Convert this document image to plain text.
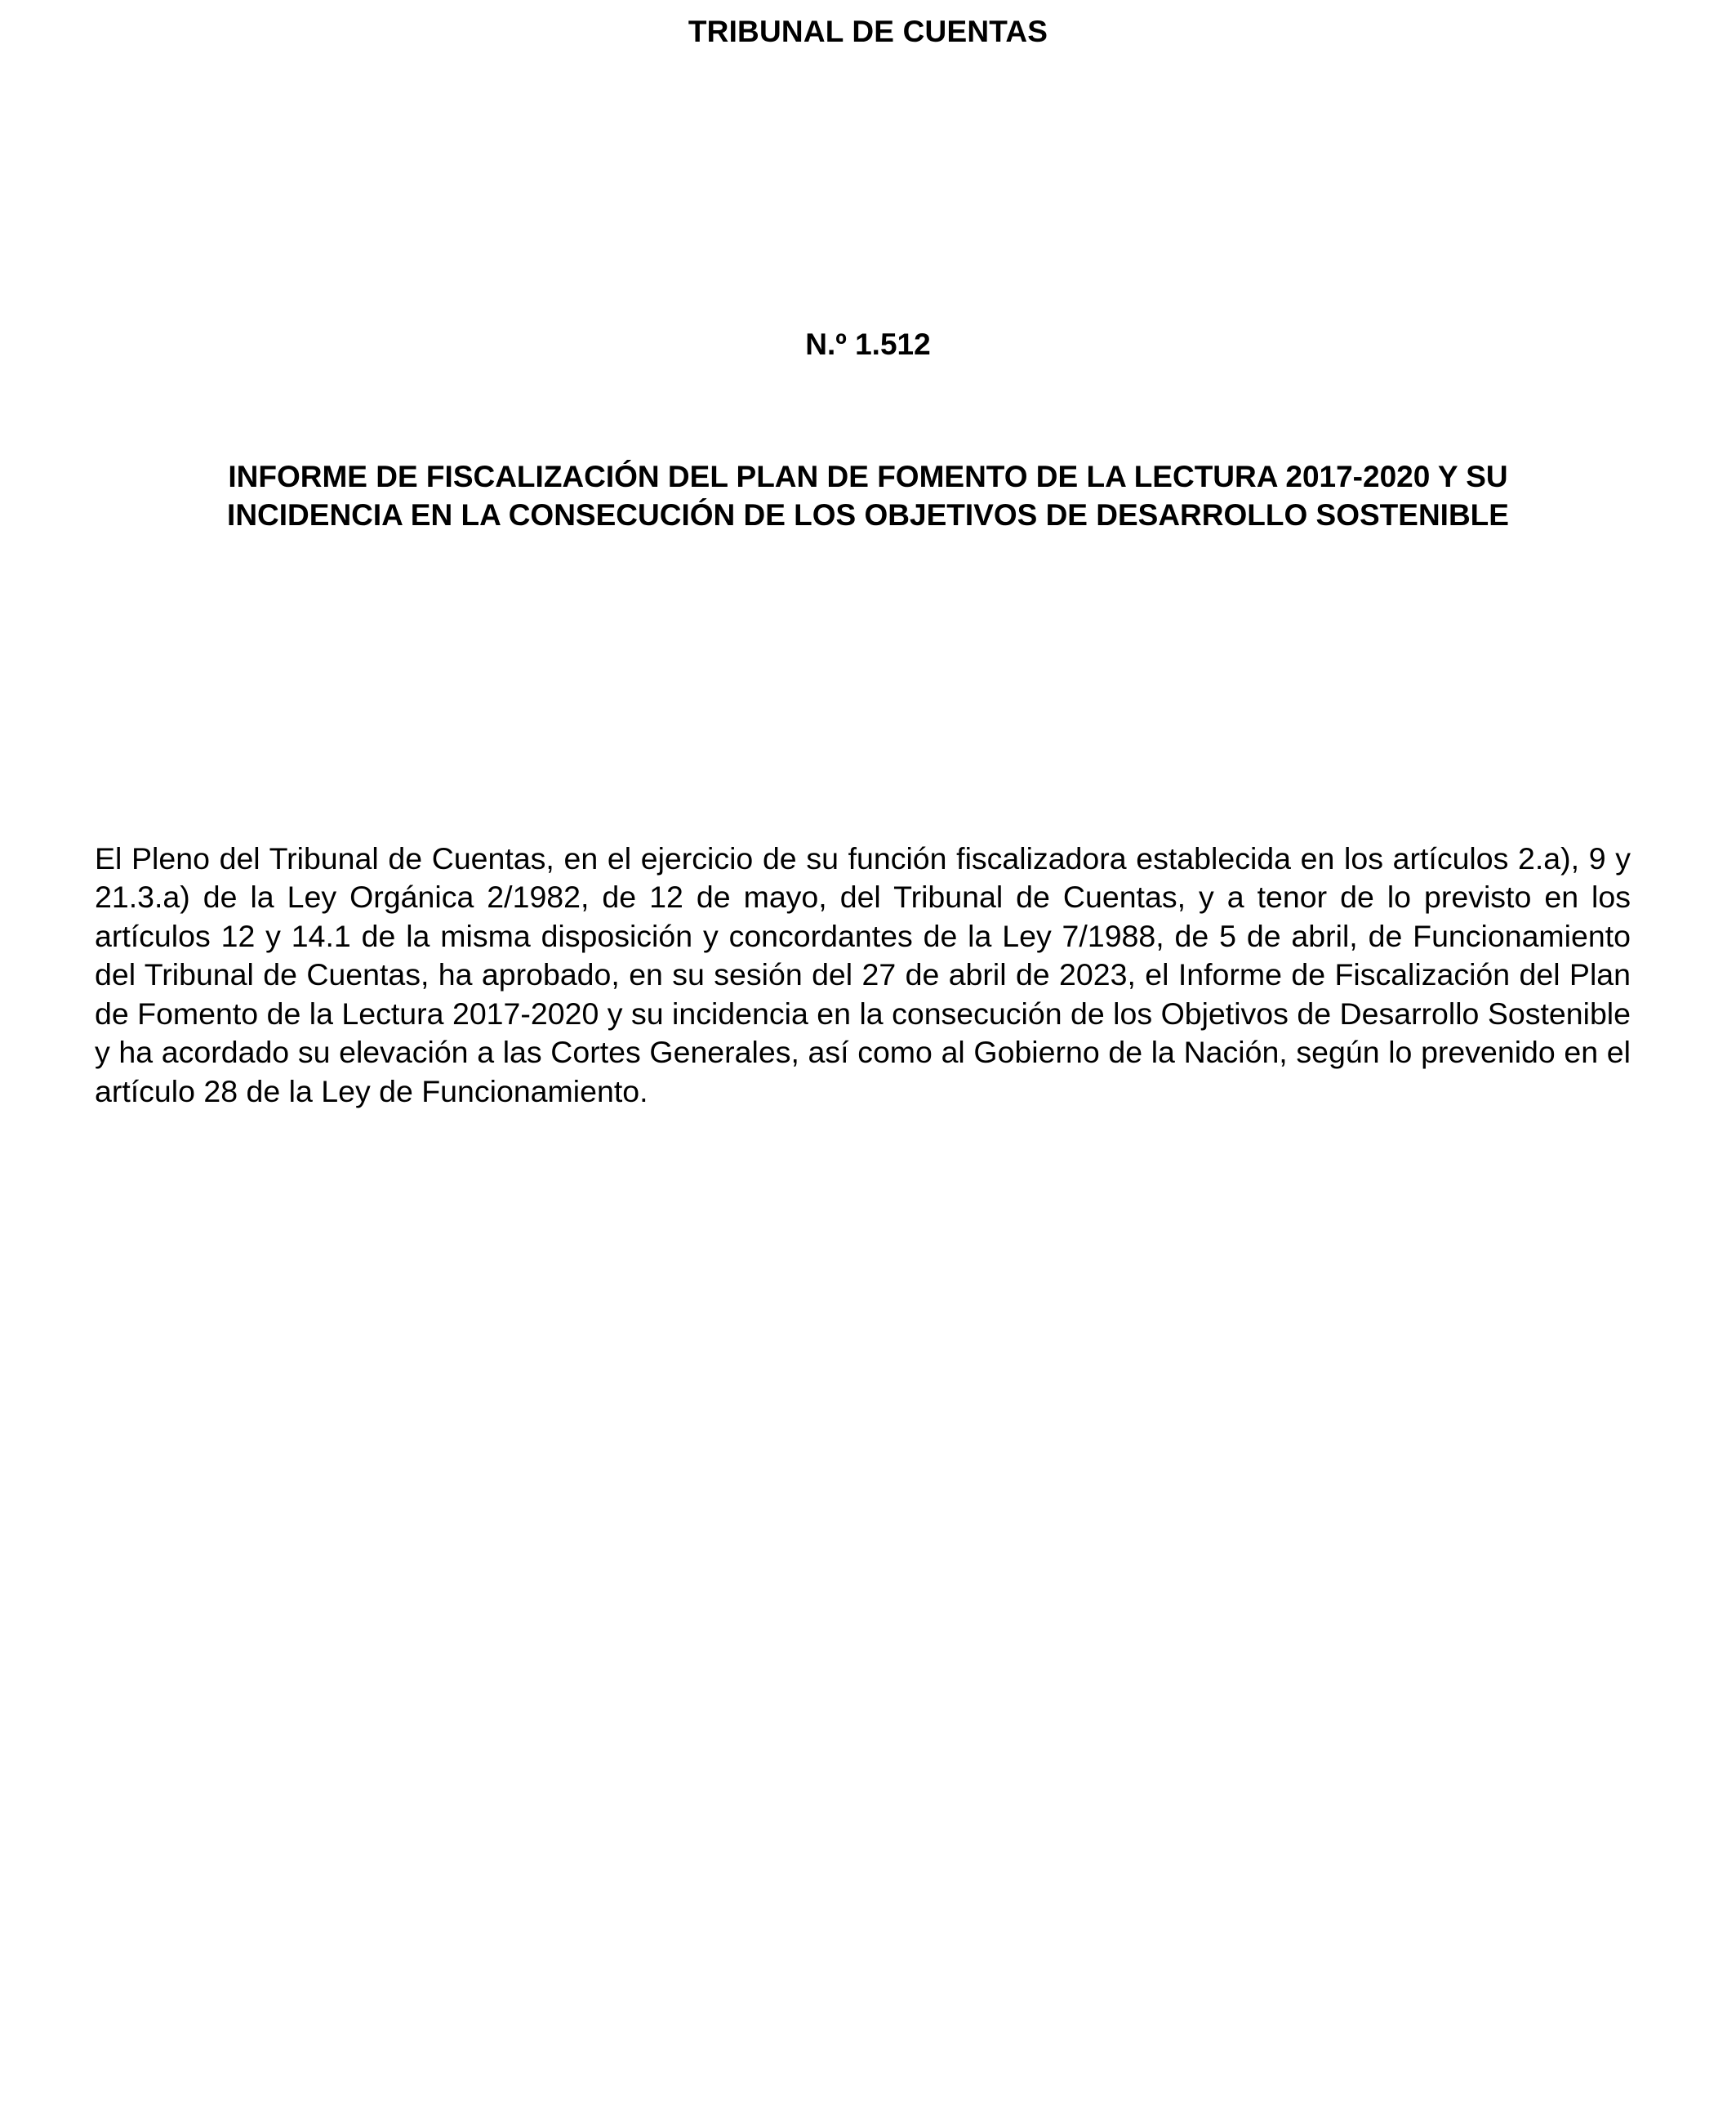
TRIBUNAL DE CUENTAS
N.º 1.512
INFORME DE FISCALIZACIÓN DEL PLAN DE FOMENTO DE LA LECTURA 2017-2020 Y SU
INCIDENCIA EN LA CONSECUCIÓN DE LOS OBJETIVOS DE DESARROLLO SOSTENIBLE

El Pleno del Tribunal de Cuentas, en el ejercicio de su función fiscalizadora establecida en los artículos 2.a), 9 y 21.3.a) de la Ley Orgánica 2/1982, de 12 de mayo, del Tribunal de Cuentas, y a tenor de lo previsto en los artículos 12 y 14.1 de la misma disposición y concordantes de la Ley 7/1988, de 5 de abril, de Funcionamiento del Tribunal de Cuentas, ha aprobado, en su sesión del 27 de abril de 2023, el Informe de Fiscalización del Plan de Fomento de la Lectura 2017-2020 y su incidencia en la consecución de los Objetivos de Desarrollo Sostenible y ha acordado su elevación a las Cortes Generales, así como al Gobierno de la Nación, según lo prevenido en el artículo 28 de la Ley de Funcionamiento.
